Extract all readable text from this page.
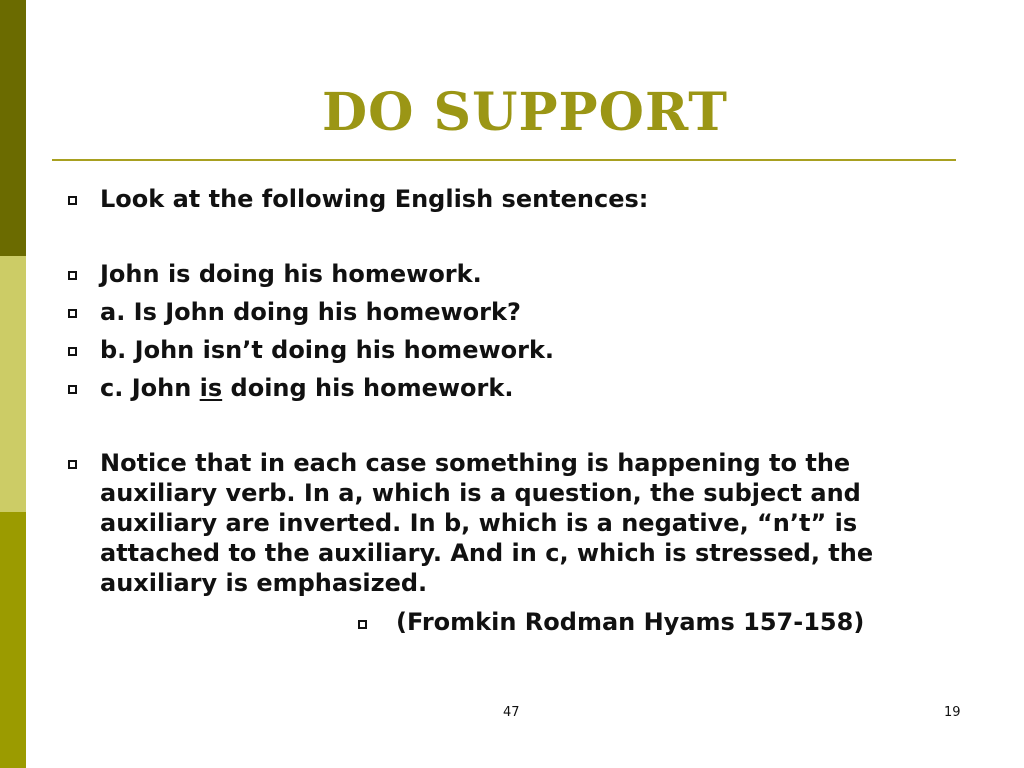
DO SUPPORT
Look at the following English sentences:
John is doing his homework.
a. Is John doing his homework?
b. John isn’t doing his homework.
c. John is doing his homework.
Notice that in each case something is happening to the auxiliary verb. In a, which is a question, the subject and auxiliary are inverted. In b, which is a negative, “n’t” is attached to the auxiliary. And in c, which is stressed, the auxiliary is emphasized.
(Fromkin Rodman Hyams 157-158)
47	19
